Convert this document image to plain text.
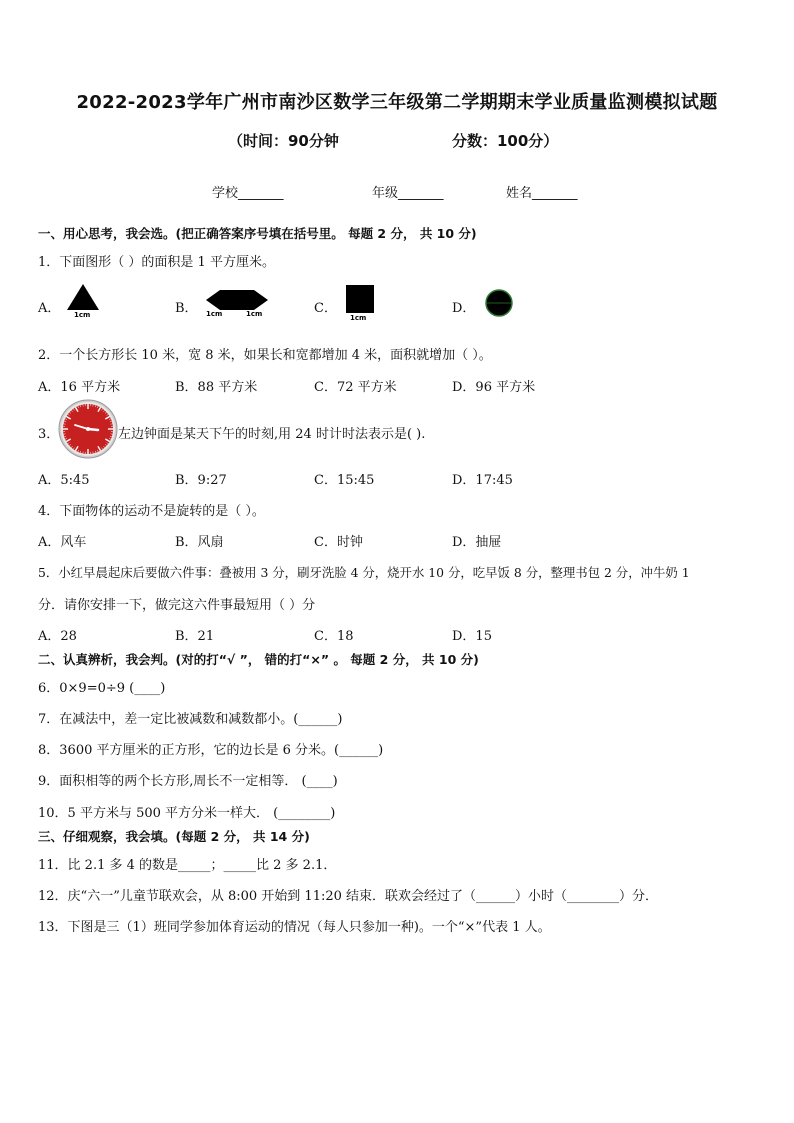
2022-2023学年广州市南沙区数学三年级第二学期期末学业质量监测模拟试题
（时间：90分钟	分数：100分）
学校_______	年级_______	姓名_______
一、用心思考，我会选。(把正确答案序号填在括号里。 每题 2 分， 共 10 分)
1．下面图形（ ）的面积是 1 平方厘米。
A． 1cm	B． 1cm	1cm	C．
1cm
D．
2．一个长方形长 10 米，宽 8 米，如果长和宽都增加 4 米，面积就增加（ ）。
A．16 平方米	B．88 平方米	C．72 平方米	D．96 平方米
3．	左边钟面是某天下午的时刻,用 24 时计时法表示是( ).
A．5:45	B．9:27	C．15:45	D．17:45
4．下面物体的运动不是旋转的是（ ）。
A．风车	B．风扇	C．时钟	D．抽屉
5．小红早晨起床后要做六件事：叠被用 3 分，刷牙洗脸 4 分，烧开水 10 分，吃早饭 8 分，整理书包 2 分，冲牛奶 1
分．请你安排一下，做完这六件事最短用（ ）分
A．28	B．21	C．18	D．15
二、认真辨析，我会判。(对的打“√ ”， 错的打“×” 。 每题 2 分， 共 10 分)
6．0×9=0÷9 (____)
7．在减法中，差一定比被减数和减数都小。(______)
8．3600 平方厘米的正方形，它的边长是 6 分米。(______)
9．面积相等的两个长方形,周长不一定相等． (____)
10．5 平方米与 500 平方分米一样大． (________)
三、仔细观察，我会填。(每题 2 分， 共 14 分)
11．比 2.1 多 4 的数是_____；_____比 2 多 2.1．
12．庆“六一”儿童节联欢会，从 8:00 开始到 11:20 结束．联欢会经过了（______）小时（________）分．
13．下图是三（1）班同学参加体育运动的情况（每人只参加一种)。一个“×”代表 1 人。
